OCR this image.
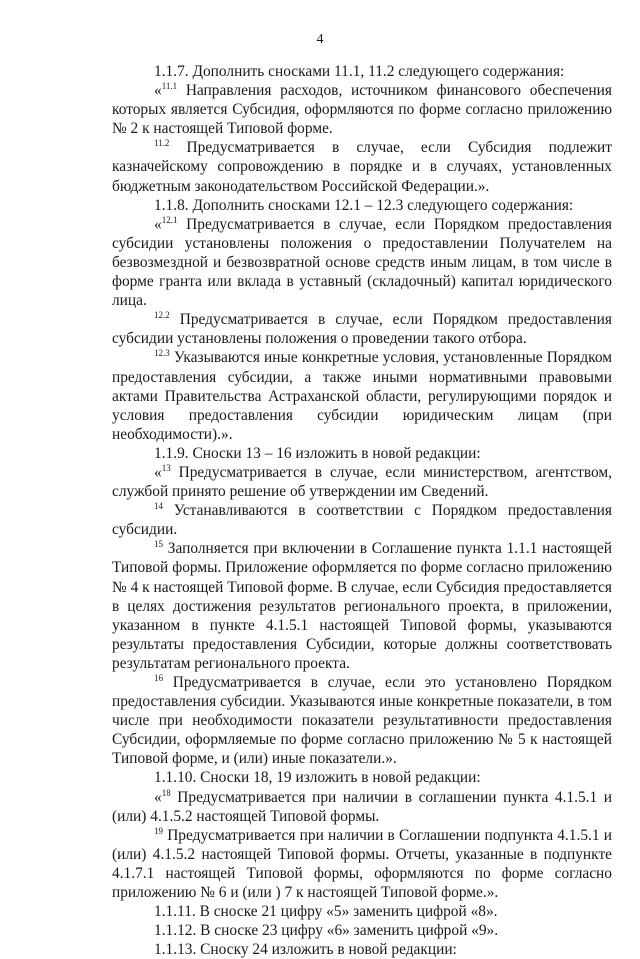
4

1.1.7. Дополнить сносками 11.1, 11.2 следующего содержания:

«$^{11.1}$ Направления расходов, источником финансового обеспечения которых является Субсидия, оформляются по форме согласно приложению № 2 к настоящей Типовой форме.

$^{11.2}$ Предусматривается в случае, если Субсидия подлежит казначейскому сопровождению в порядке и в случаях, установленных бюджетным законодательством Российской Федерации.».

1.1.8. Дополнить сносками 12.1 – 12.3 следующего содержания:

«$^{12.1}$ Предусматривается в случае, если Порядком предоставления субсидии установлены положения о предоставлении Получателем на безвозмездной и безвозвратной основе средств иным лицам, в том числе в форме гранта или вклада в уставный (складочный) капитал юридического лица.

$^{12.2}$ Предусматривается в случае, если Порядком предоставления субсидии установлены положения о проведении такого отбора.

$^{12.3}$ Указываются иные конкретные условия, установленные Порядком предоставления субсидии, а также иными нормативными правовыми актами Правительства Астраханской области, регулирующими порядок и условия предоставления субсидии юридическим лицам (при необходимости).».

1.1.9. Сноски 13 – 16 изложить в новой редакции:

«$^{13}$ Предусматривается в случае, если министерством, агентством, службой принято решение об утверждении им Сведений.

$^{14}$ Устанавливаются в соответствии с Порядком предоставления субсидии.

$^{15}$ Заполняется при включении в Соглашение пункта 1.1.1 настоящей Типовой формы. Приложение оформляется по форме согласно приложению № 4 к настоящей Типовой форме. В случае, если Субсидия предоставляется в целях достижения результатов регионального проекта, в приложении, указанном в пункте 4.1.5.1 настоящей Типовой формы, указываются результаты предоставления Субсидии, которые должны соответствовать результатам регионального проекта.

$^{16}$ Предусматривается в случае, если это установлено Порядком предоставления субсидии. Указываются иные конкретные показатели, в том числе при необходимости показатели результативности предоставления Субсидии, оформляемые по форме согласно приложению № 5 к настоящей Типовой форме, и (или) иные показатели.».

1.1.10. Сноски 18, 19 изложить в новой редакции:

«$^{18}$ Предусматривается при наличии в соглашении пункта 4.1.5.1 и (или) 4.1.5.2 настоящей Типовой формы.

$^{19}$ Предусматривается при наличии в Соглашении подпункта 4.1.5.1 и (или) 4.1.5.2 настоящей Типовой формы. Отчеты, указанные в подпункте 4.1.7.1 настоящей Типовой формы, оформляются по форме согласно приложению № 6 и (или ) 7 к настоящей Типовой форме.».

1.1.11. В сноске 21 цифру «5» заменить цифрой «8».

1.1.12. В сноске 23 цифру «6» заменить цифрой «9».

1.1.13. Сноску 24 изложить в новой редакции:
